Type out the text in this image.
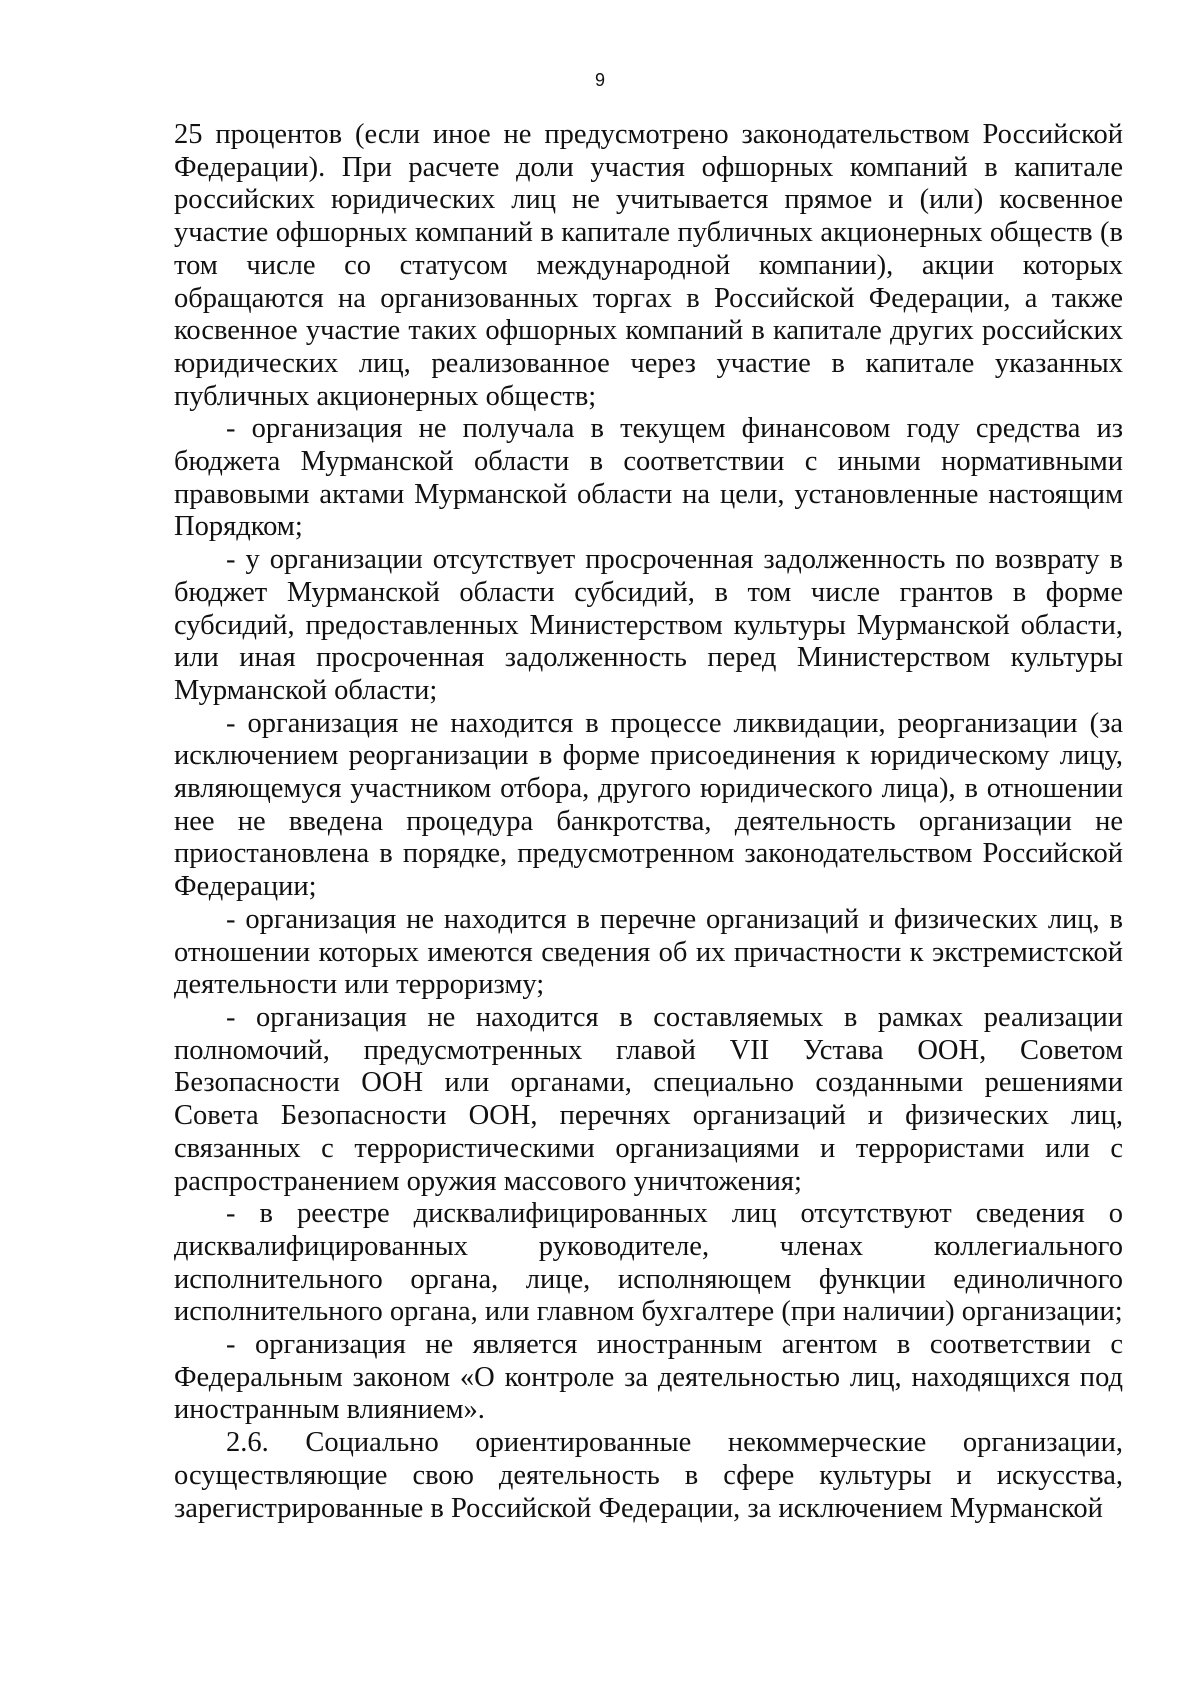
9

25 процентов (если иное не предусмотрено законодательством Российской Федерации). При расчете доли участия офшорных компаний в капитале российских юридических лиц не учитывается прямое и (или) косвенное участие офшорных компаний в капитале публичных акционерных обществ (в том числе со статусом международной компании), акции которых обращаются на организованных торгах в Российской Федерации, а также косвенное участие таких офшорных компаний в капитале других российских юридических лиц, реализованное через участие в капитале указанных публичных акционерных обществ;

- организация не получала в текущем финансовом году средства из бюджета Мурманской области в соответствии с иными нормативными правовыми актами Мурманской области на цели, установленные настоящим Порядком;

- у организации отсутствует просроченная задолженность по возврату в бюджет Мурманской области субсидий, в том числе грантов в форме субсидий, предоставленных Министерством культуры Мурманской области, или иная просроченная задолженность перед Министерством культуры Мурманской области;

- организация не находится в процессе ликвидации, реорганизации (за исключением реорганизации в форме присоединения к юридическому лицу, являющемуся участником отбора, другого юридического лица), в отношении нее не введена процедура банкротства, деятельность организации не приостановлена в порядке, предусмотренном законодательством Российской Федерации;

- организация не находится в перечне организаций и физических лиц, в отношении которых имеются сведения об их причастности к экстремистской деятельности или терроризму;

- организация не находится в составляемых в рамках реализации полномочий, предусмотренных главой VII Устава ООН, Советом Безопасности ООН или органами, специально созданными решениями Совета Безопасности ООН, перечнях организаций и физических лиц, связанных с террористическими организациями и террористами или с распространением оружия массового уничтожения;

- в реестре дисквалифицированных лиц отсутствуют сведения о дисквалифицированных руководителе, членах коллегиального исполнительного органа, лице, исполняющем функции единоличного исполнительного органа, или главном бухгалтере (при наличии) организации;

- организация не является иностранным агентом в соответствии с Федеральным законом «О контроле за деятельностью лиц, находящихся под иностранным влиянием».

2.6. Социально ориентированные некоммерческие организации, осуществляющие свою деятельность в сфере культуры и искусства, зарегистрированные в Российской Федерации, за исключением Мурманской
